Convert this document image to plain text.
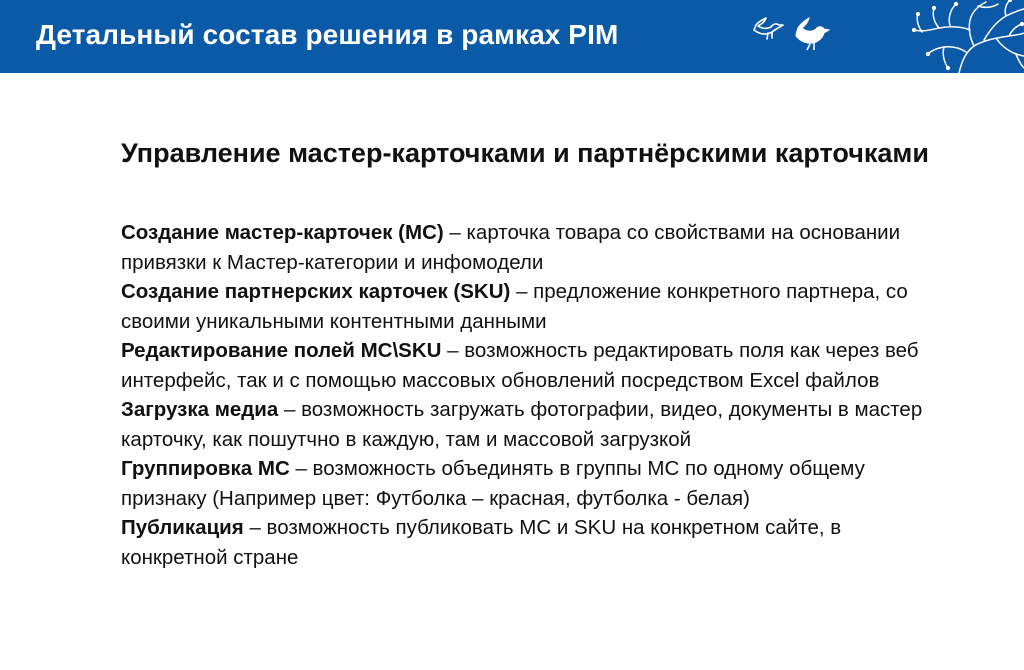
Детальный состав решения в рамках PIM
Управление мастер-карточками и партнёрскими карточками
Создание мастер-карточек (МС) – карточка товара со свойствами на основании привязки к Мастер-категории и инфомодели
Создание партнерских карточек (SKU) – предложение конкретного партнера, со своими уникальными контентными данными
Редактирование полей МС\SKU – возможность редактировать поля как через веб интерфейс, так и с помощью массовых обновлений посредством Excel файлов
Загрузка медиа – возможность загружать фотографии, видео, документы в мастер карточку, как пошутчно в каждую, там и массовой загрузкой
Группировка МС – возможность объединять в группы МС по одному общему признаку (Например цвет: Футболка – красная, футболка - белая)
Публикация – возможность публиковать МС и SKU на конкретном сайте, в конкретной стране
